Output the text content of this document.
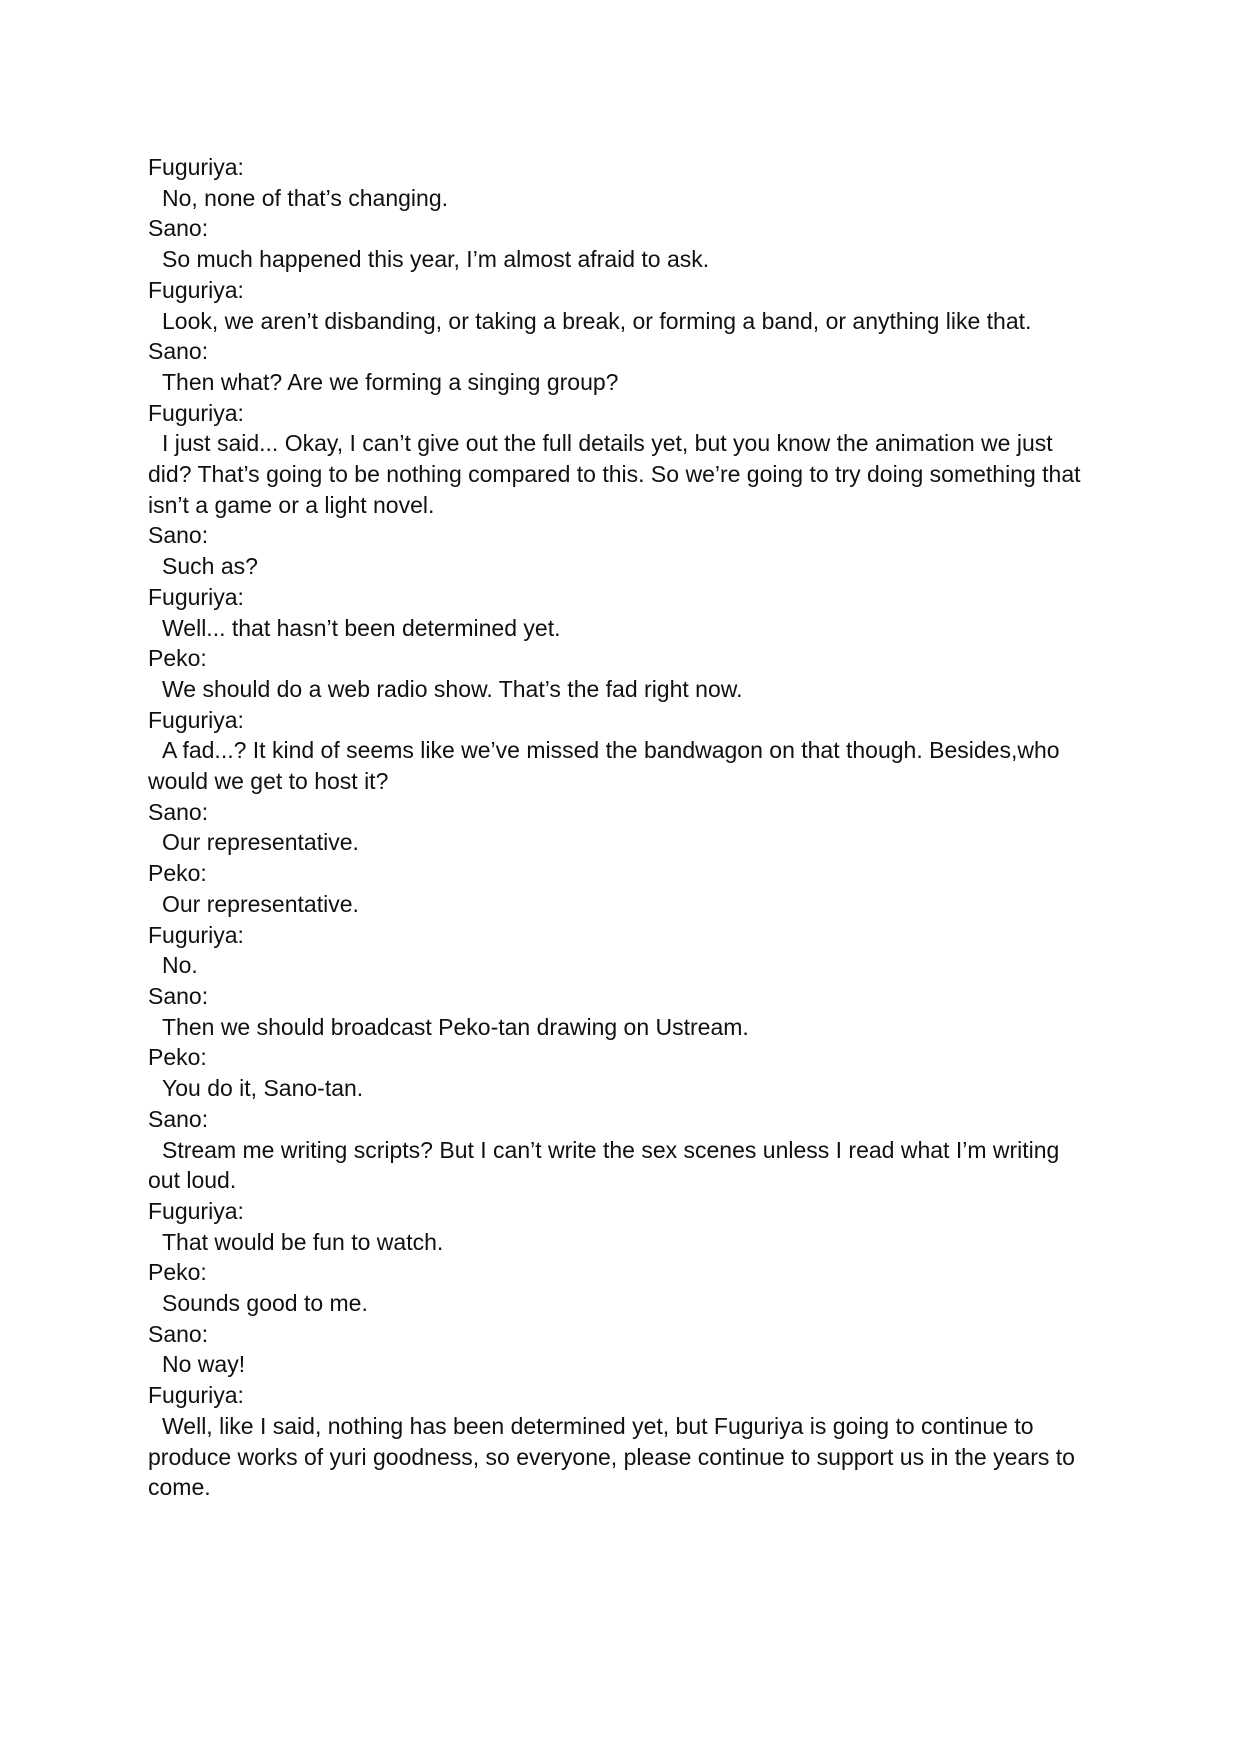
Fuguriya:
No, none of that’s changing.
Sano:
So much happened this year, I’m almost afraid to ask.
Fuguriya:
Look, we aren’t disbanding, or taking a break, or forming a band, or anything like that.
Sano:
Then what? Are we forming a singing group?
Fuguriya:
I just said... Okay, I can’t give out the full details yet, but you know the animation we just did? That’s going to be nothing compared to this. So we’re going to try doing something that isn’t a game or a light novel.
Sano:
Such as?
Fuguriya:
Well... that hasn’t been determined yet.
Peko:
We should do a web radio show. That’s the fad right now.
Fuguriya:
A fad...? It kind of seems like we’ve missed the bandwagon on that though. Besides,who would we get to host it?
Sano:
Our representative.
Peko:
Our representative.
Fuguriya:
No.
Sano:
Then we should broadcast Peko-tan drawing on Ustream.
Peko:
You do it, Sano-tan.
Sano:
Stream me writing scripts? But I can’t write the sex scenes unless I read what I’m writing out loud.
Fuguriya:
That would be fun to watch.
Peko:
Sounds good to me.
Sano:
No way!
Fuguriya:
Well, like I said, nothing has been determined yet, but Fuguriya is going to continue to produce works of yuri goodness, so everyone, please continue to support us in the years to come.
